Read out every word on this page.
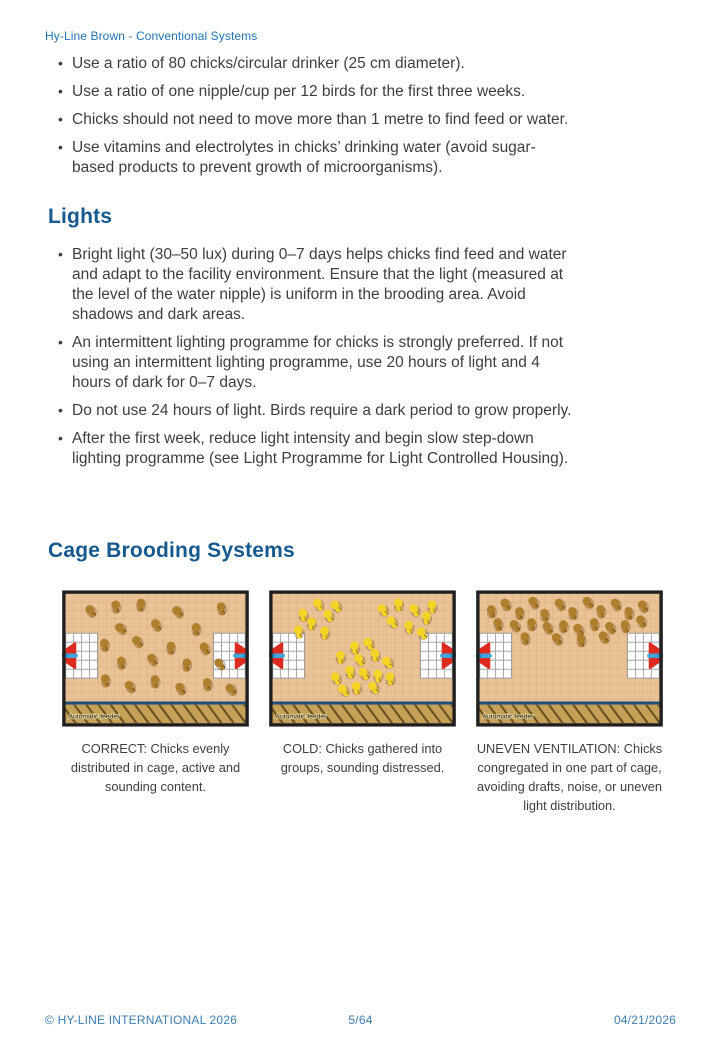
Hy-Line Brown - Conventional Systems
• Use a ratio of 80 chicks/circular drinker (25 cm diameter).
• Use a ratio of one nipple/cup per 12 birds for the first three weeks.
• Chicks should not need to move more than 1 metre to find feed or water.
• Use vitamins and electrolytes in chicks’ drinking water (avoid sugar-based products to prevent growth of microorganisms).
Lights
• Bright light (30–50 lux) during 0–7 days helps chicks find feed and water and adapt to the facility environment. Ensure that the light (measured at the level of the water nipple) is uniform in the brooding area. Avoid shadows and dark areas.
• An intermittent lighting programme for chicks is strongly preferred. If not using an intermittent lighting programme, use 20 hours of light and 4 hours of dark for 0–7 days.
• Do not use 24 hours of light. Birds require a dark period to grow properly.
• After the first week, reduce light intensity and begin slow step-down lighting programme (see Light Programme for Light Controlled Housing).
Cage Brooding Systems
Automatic feeder
CORRECT: Chicks evenly distributed in cage, active and sounding content.
Automatic feeder
COLD: Chicks gathered into groups, sounding distressed.
Automatic feeder
UNEVEN VENTILATION: Chicks congregated in one part of cage, avoiding drafts, noise, or uneven light distribution.
© HY-LINE INTERNATIONAL 2026	5/64	04/21/2026
